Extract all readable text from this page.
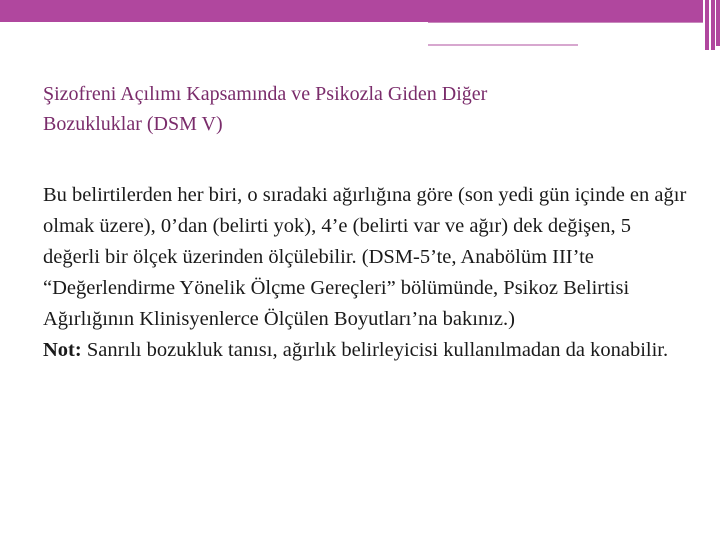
Şizofreni Açılımı Kapsamında ve Psikozla Giden Diğer
Bozukluklar (DSM V)

Bu belirtilerden her biri, o sıradaki ağırlığına göre (son yedi gün içinde en ağır olmak üzere), 0’dan (belirti yok), 4’e (belirti var ve ağır) dek değişen, 5 değerli bir ölçek üzerinden ölçülebilir. (DSM-5’te, Anabölüm III’te “Değerlendirme Yönelik Ölçme Gereçleri” bölümünde, Psikoz Belirtisi Ağırlığının Klinisyenlerce Ölçülen Boyutları’na bakınız.)

Not: Sanrılı bozukluk tanısı, ağırlık belirleyicisi kullanılmadan da konabilir.
